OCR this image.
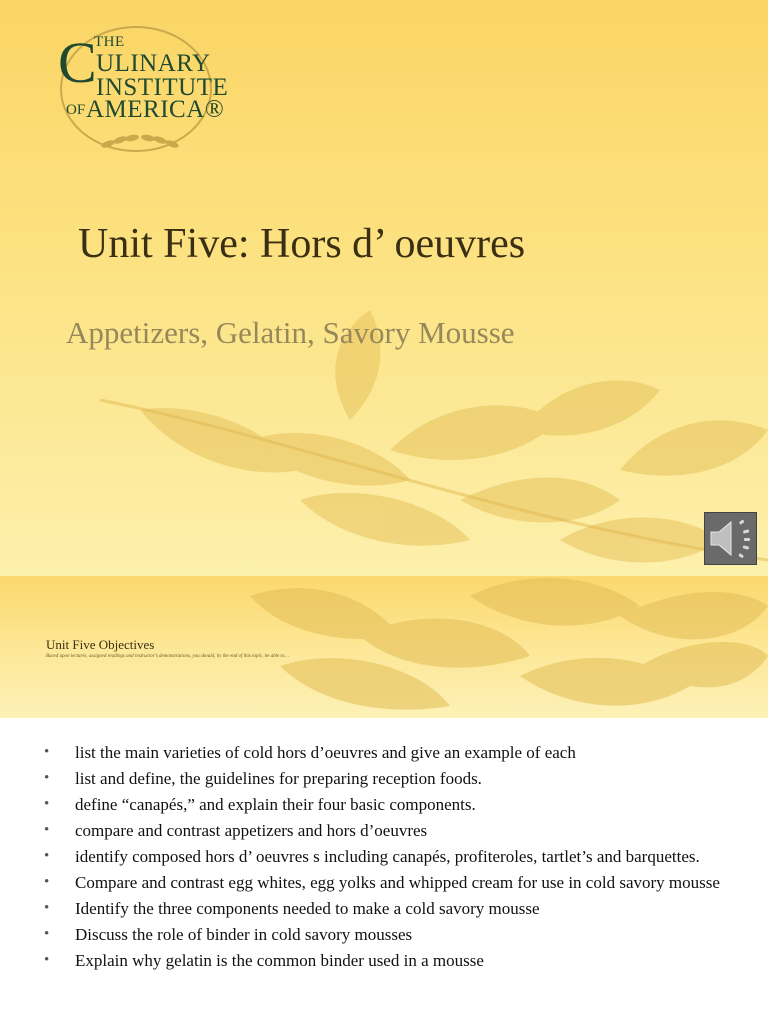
C
THE
ULINARY
INSTITUTE
OF AMERICA®
Unit Five: Hors d’ oeuvres
Appetizers, Gelatin, Savory Mousse
Unit Five Objectives
Based upon lectures, assigned readings and instructor’s demonstrations, you should, by the end of this topic, be able to…
• list the main varieties of cold hors d’oeuvres and give an example of each
• list and define, the guidelines for preparing reception foods.
• define “canapés,” and explain their four basic components.
• compare and contrast appetizers and hors d’oeuvres
• identify composed hors d’ oeuvres s including canapés, profiteroles, tartlet’s and barquettes.
• Compare and contrast egg whites, egg yolks and whipped cream for use in cold savory mousse
• Identify the three components needed to make a cold savory mousse
• Discuss the role of binder in cold savory mousses
• Explain why gelatin is the common binder used in a mousse
